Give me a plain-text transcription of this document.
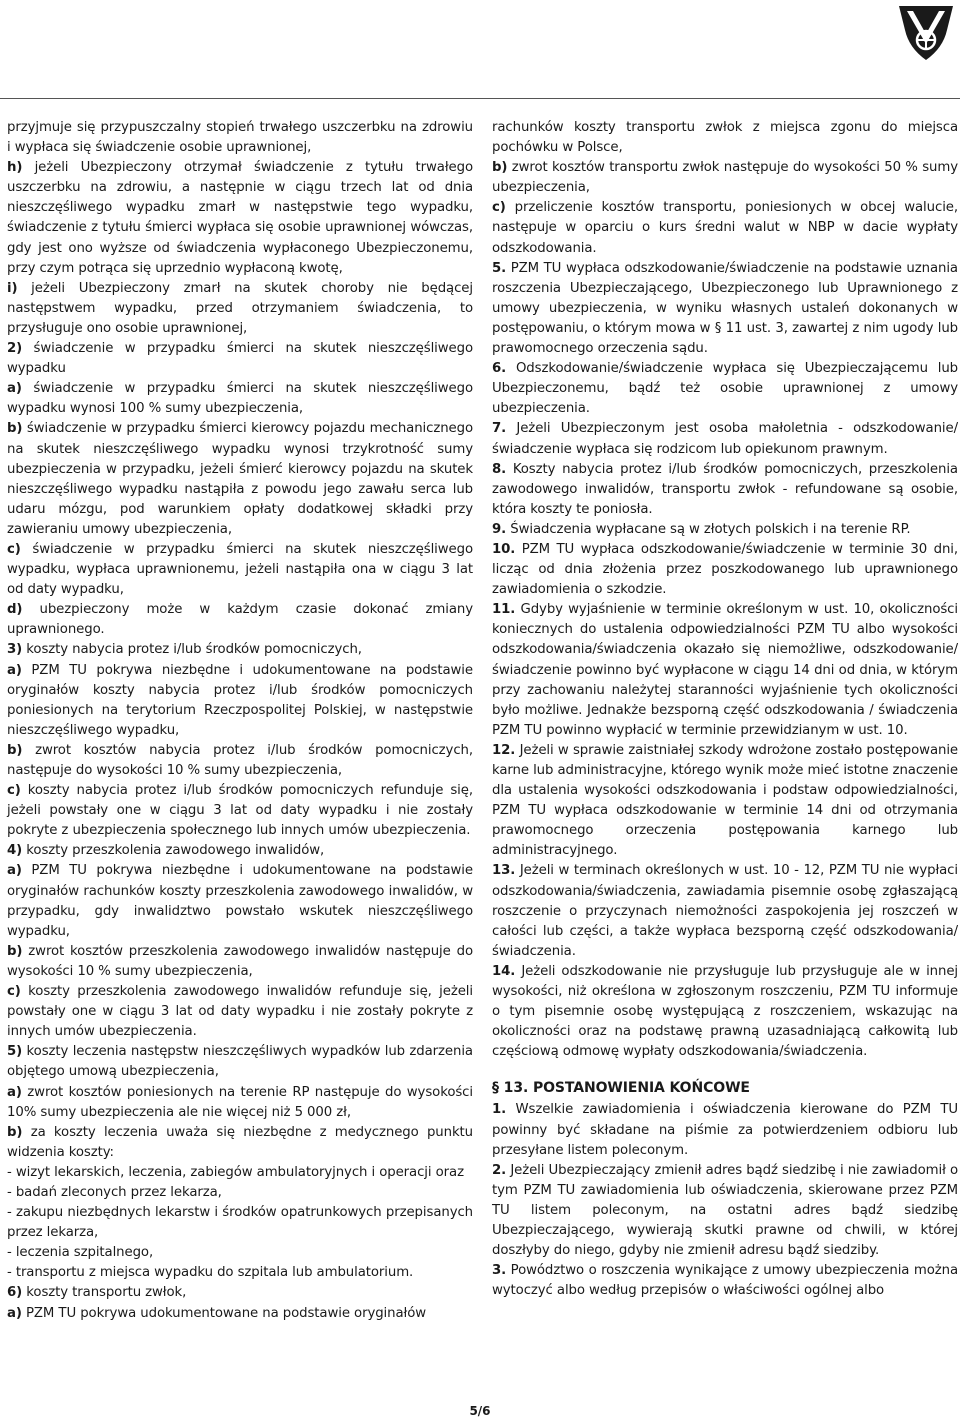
przyjmuje się przypuszczalny stopień trwałego uszczerbku na zdrowiu i wypłaca się świadczenie osobie uprawnionej,

h) jeżeli Ubezpieczony otrzymał świadczenie z tytułu trwałego uszczerbku na zdrowiu, a następnie w ciągu trzech lat od dnia nieszczęśliwego wypadku zmarł w następstwie tego wypadku, świadczenie z tytułu śmierci wypłaca się osobie uprawnionej wówczas, gdy jest ono wyższe od świadczenia wypłaconego Ubezpieczonemu, przy czym potrąca się uprzednio wypłaconą kwotę,

i) jeżeli Ubezpieczony zmarł na skutek choroby nie będącej następstwem wypadku, przed otrzymaniem świadczenia, to przysługuje ono osobie uprawnionej,

2) świadczenie w przypadku śmierci na skutek nieszczęśliwego wypadku

a) świadczenie w przypadku śmierci na skutek nieszczęśliwego wypadku wynosi 100 % sumy ubezpieczenia,

b) świadczenie w przypadku śmierci kierowcy pojazdu mechanicznego na skutek nieszczęśliwego wypadku wynosi trzykrotność sumy ubezpieczenia w przypadku, jeżeli śmierć kierowcy pojazdu na skutek nieszczęśliwego wypadku nastąpiła z powodu jego zawału serca lub udaru mózgu, pod warunkiem opłaty dodatkowej składki przy zawieraniu umowy ubezpieczenia,

c) świadczenie w przypadku śmierci na skutek nieszczęśliwego wypadku, wypłaca uprawnionemu, jeżeli nastąpiła ona w ciągu 3 lat od daty wypadku,

d) ubezpieczony może w każdym czasie dokonać zmiany uprawnionego.

3) koszty nabycia protez i/lub środków pomocniczych,

a) PZM TU pokrywa niezbędne i udokumentowane na podstawie oryginałów koszty nabycia protez i/lub środków pomocniczych poniesionych na terytorium Rzeczpospolitej Polskiej, w następstwie nieszczęśliwego wypadku,

b) zwrot kosztów nabycia protez i/lub środków pomocniczych, następuje do wysokości 10 % sumy ubezpieczenia,

c) koszty nabycia protez i/lub środków pomocniczych refunduje się, jeżeli powstały one w ciągu 3 lat od daty wypadku i nie zostały pokryte z ubezpieczenia społecznego lub innych umów ubezpieczenia.

4) koszty przeszkolenia zawodowego inwalidów,

a) PZM TU pokrywa niezbędne i udokumentowane na podstawie oryginałów rachunków koszty przeszkolenia zawodowego inwalidów, w przypadku, gdy inwalidztwo powstało wskutek nieszczęśliwego wypadku,

b) zwrot kosztów przeszkolenia zawodowego inwalidów następuje do wysokości 10 % sumy ubezpieczenia,

c) koszty przeszkolenia zawodowego inwalidów refunduje się, jeżeli powstały one w ciągu 3 lat od daty wypadku i nie zostały pokryte z innych umów ubezpieczenia.

5) koszty leczenia następstw nieszczęśliwych wypadków lub zdarzenia objętego umową ubezpieczenia,

a) zwrot kosztów poniesionych na terenie RP następuje do wysokości 10% sumy ubezpieczenia ale nie więcej niż 5 000 zł,

b) za koszty leczenia uważa się niezbędne z medycznego punktu widzenia koszty:

- wizyt lekarskich, leczenia, zabiegów ambulatoryjnych i operacji oraz

- badań zleconych przez lekarza,

- zakupu niezbędnych lekarstw i środków opatrunkowych przepisanych przez lekarza,

- leczenia szpitalnego,

- transportu z miejsca wypadku do szpitala lub ambulatorium.

6) koszty transportu zwłok,

a) PZM TU pokrywa udokumentowane na podstawie oryginałów

rachunków koszty transportu zwłok z miejsca zgonu do miejsca pochówku w Polsce,

b) zwrot kosztów transportu zwłok następuje do wysokości 50 % sumy ubezpieczenia,

c) przeliczenie kosztów transportu, poniesionych w obcej walucie, następuje w oparciu o kurs średni walut w NBP w dacie wypłaty odszkodowania.

5. PZM TU wypłaca odszkodowanie/świadczenie na podstawie uznania roszczenia Ubezpieczającego, Ubezpieczonego lub Uprawnionego z umowy ubezpieczenia, w wyniku własnych ustaleń dokonanych w postępowaniu, o którym mowa w § 11 ust. 3, zawartej z nim ugody lub prawomocnego orzeczenia sądu.

6. Odszkodowanie/świadczenie wypłaca się Ubezpieczającemu lub Ubezpieczonemu, bądź też osobie uprawnionej z umowy ubezpieczenia.

7. Jeżeli Ubezpieczonym jest osoba małoletnia - odszkodowanie/świadczenie wypłaca się rodzicom lub opiekunom prawnym.

8. Koszty nabycia protez i/lub środków pomocniczych, przeszkolenia zawodowego inwalidów, transportu zwłok - refundowane są osobie, która koszty te poniosła.

9. Świadczenia wypłacane są w złotych polskich i na terenie RP.

10. PZM TU wypłaca odszkodowanie/świadczenie w terminie 30 dni, licząc od dnia złożenia przez poszkodowanego lub uprawnionego zawiadomienia o szkodzie.

11. Gdyby wyjaśnienie w terminie określonym w ust. 10, okoliczności koniecznych do ustalenia odpowiedzialności PZM TU albo wysokości odszkodowania/świadczenia okazało się niemożliwe, odszkodowanie/świadczenie powinno być wypłacone w ciągu 14 dni od dnia, w którym przy zachowaniu należytej staranności wyjaśnienie tych okoliczności było możliwe. Jednakże bezsporną część odszkodowania / świadczenia PZM TU powinno wypłacić w terminie przewidzianym w ust. 10.

12. Jeżeli w sprawie zaistniałej szkody wdrożone zostało postępowanie karne lub administracyjne, którego wynik może mieć istotne znaczenie dla ustalenia wysokości odszkodowania i podstaw odpowiedzialności, PZM TU wypłaca odszkodowanie w terminie 14 dni od otrzymania prawomocnego orzeczenia postępowania karnego lub administracyjnego.

13. Jeżeli w terminach określonych w ust. 10 - 12, PZM TU nie wypłaci odszkodowania/świadczenia, zawiadamia pisemnie osobę zgłaszającą roszczenie o przyczynach niemożności zaspokojenia jej roszczeń w całości lub części, a także wypłaca bezsporną część odszkodowania/świadczenia.

14. Jeżeli odszkodowanie nie przysługuje lub przysługuje ale w innej wysokości, niż określona w zgłoszonym roszczeniu, PZM TU informuje o tym pisemnie osobę występującą z roszczeniem, wskazując na okoliczności oraz na podstawę prawną uzasadniającą całkowitą lub częściową odmowę wypłaty odszkodowania/świadczenia.

§ 13. POSTANOWIENIA KOŃCOWE

1. Wszelkie zawiadomienia i oświadczenia kierowane do PZM TU powinny być składane na piśmie za potwierdzeniem odbioru lub przesyłane listem poleconym.

2. Jeżeli Ubezpieczający zmienił adres bądź siedzibę i nie zawiadomił o tym PZM TU zawiadomienia lub oświadczenia, skierowane przez PZM TU listem poleconym, na ostatni adres bądź siedzibę Ubezpieczającego, wywierają skutki prawne od chwili, w której doszłyby do niego, gdyby nie zmienił adresu bądź siedziby.

3. Powództwo o roszczenia wynikające z umowy ubezpieczenia można wytoczyć albo według przepisów o właściwości ogólnej albo

5/6
